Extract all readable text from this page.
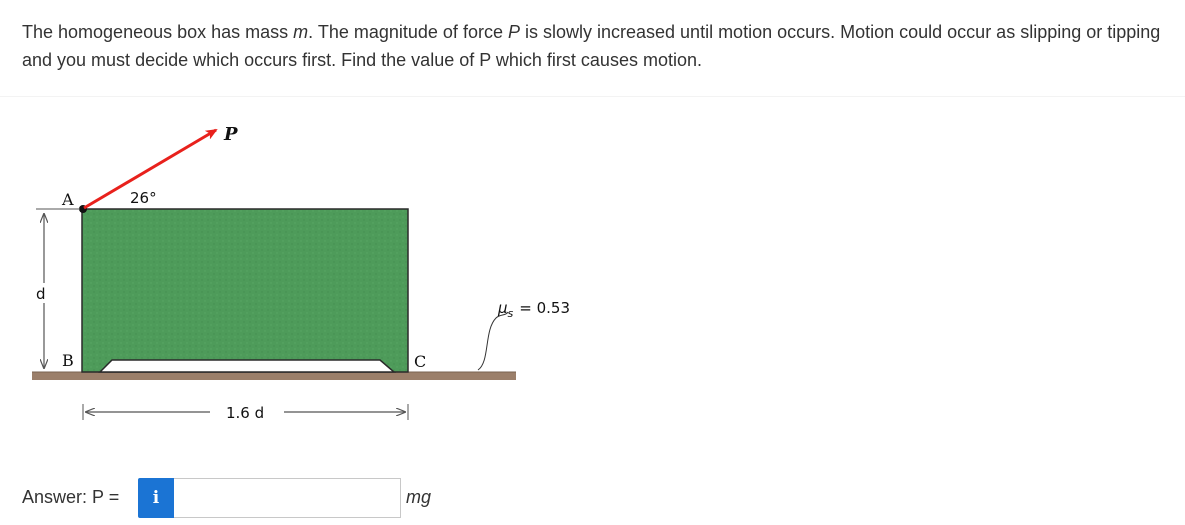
The homogeneous box has mass m. The magnitude of force P is slowly increased until motion occurs. Motion could occur as slipping or tipping and you must decide which occurs first. Find the value of P which first causes motion.
A
P
26°
d
B	C
1.6 d
$\mu_s = 0.53$
Answer: P =	i	mg
